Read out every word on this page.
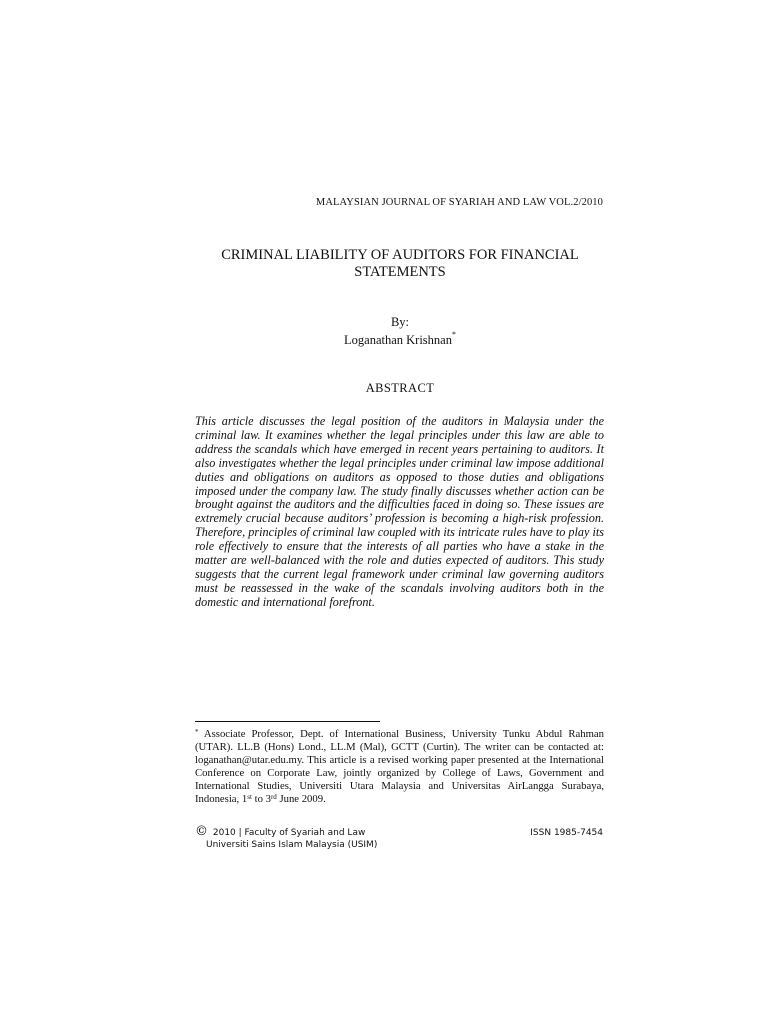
MALAYSIAN JOURNAL OF SYARIAH AND LAW VOL.2/2010
CRIMINAL LIABILITY OF AUDITORS FOR FINANCIAL
STATEMENTS
By:
Loganathan Krishnan*
ABSTRACT
This article discusses the legal position of the auditors in Malaysia under the criminal law. It examines whether the legal principles under this law are able to address the scandals which have emerged in recent years pertaining to auditors. It also investigates whether the legal principles under criminal law impose additional duties and obligations on auditors as opposed to those duties and obligations imposed under the company law. The study finally discusses whether action can be brought against the auditors and the difficulties faced in doing so. These issues are extremely crucial because auditors’ profession is becoming a high-risk profession. Therefore, principles of criminal law coupled with its intricate rules have to play its role effectively to ensure that the interests of all parties who have a stake in the matter are well-balanced with the role and duties expected of auditors. This study suggests that the current legal framework under criminal law governing auditors must be reassessed in the wake of the scandals involving auditors both in the domestic and international forefront.
* Associate Professor, Dept. of International Business, University Tunku Abdul Rahman (UTAR). LL.B (Hons) Lond., LL.M (Mal), GCTT (Curtin). The writer can be contacted at: loganathan@utar.edu.my. This article is a revised working paper presented at the International Conference on Corporate Law, jointly organized by College of Laws, Government and International Studies, Universiti Utara Malaysia and Universitas AirLangga Surabaya, Indonesia, 1st to 3rd June 2009.
© 2010 | Faculty of Syariah and Law
Universiti Sains Islam Malaysia (USIM)
ISSN 1985-7454
